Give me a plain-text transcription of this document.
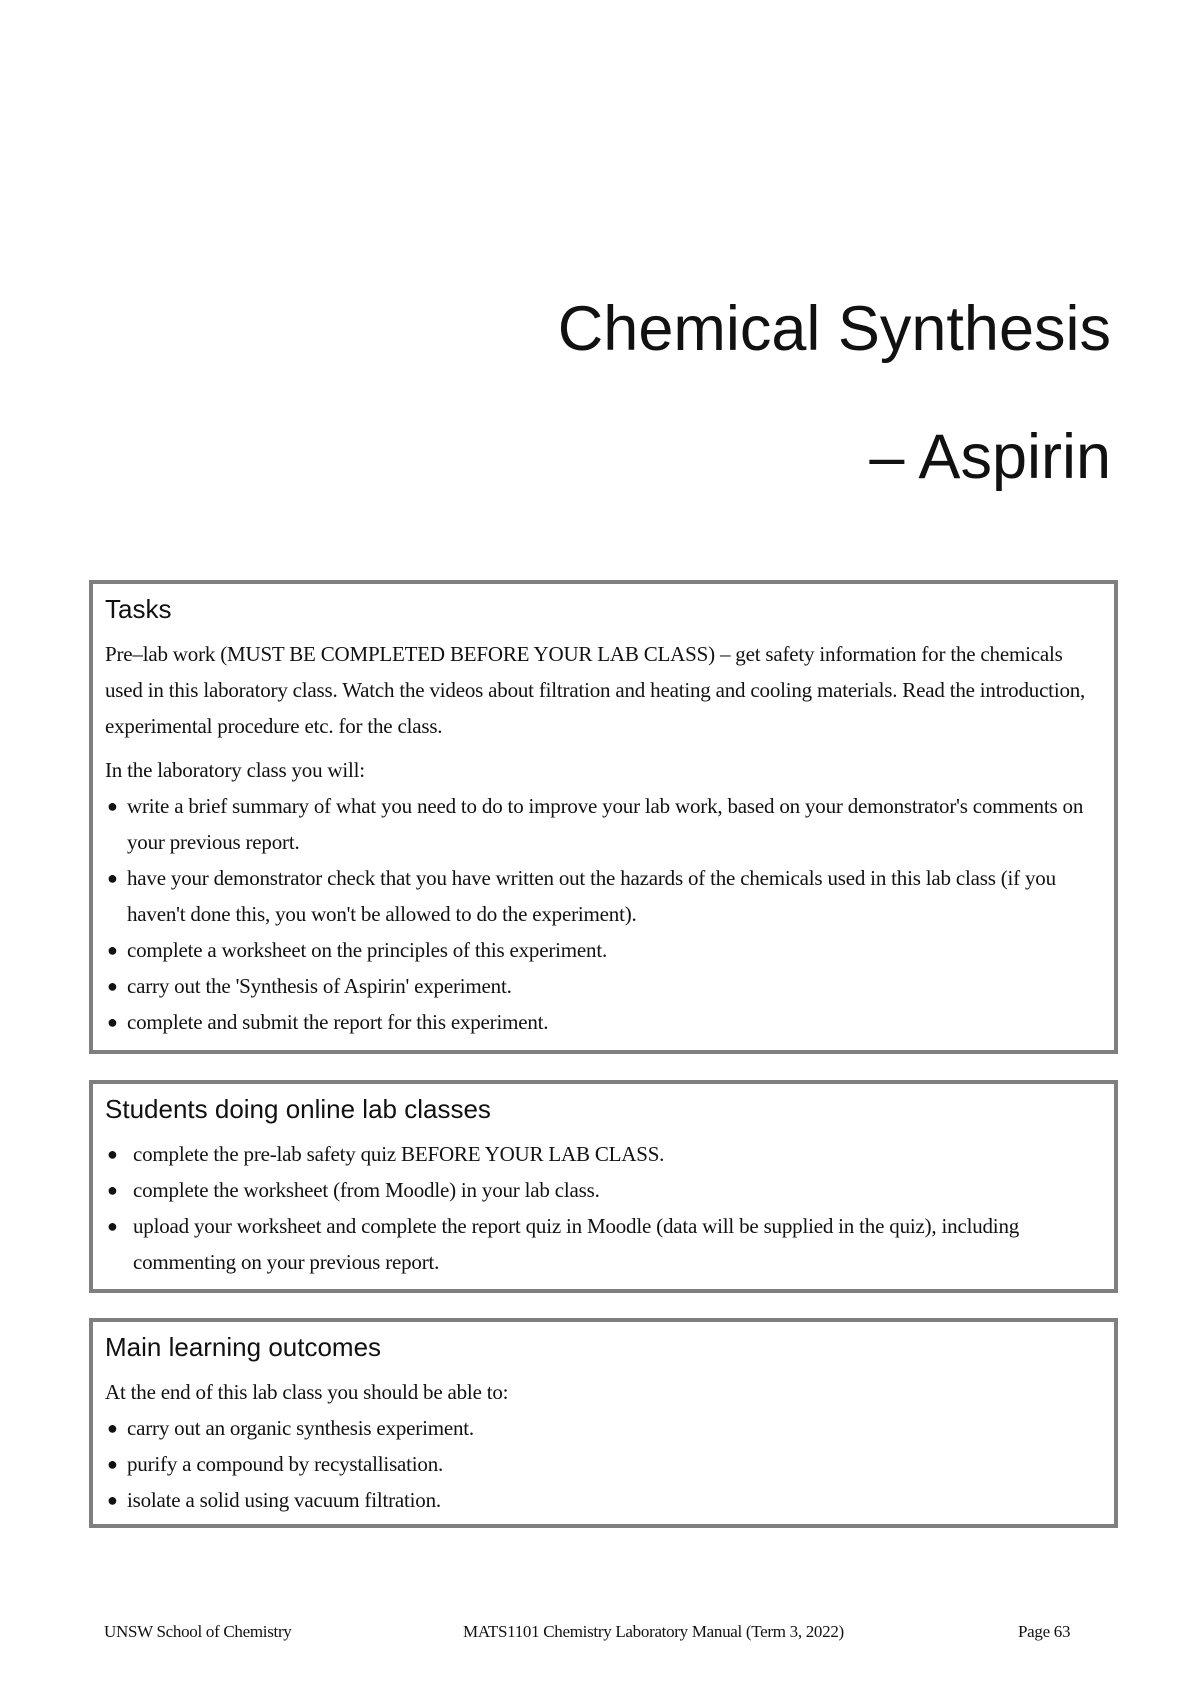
Chemical Synthesis
– Aspirin
Tasks

Pre–lab work (MUST BE COMPLETED BEFORE YOUR LAB CLASS) – get safety information for the chemicals used in this laboratory class. Watch the videos about filtration and heating and cooling materials. Read the introduction, experimental procedure etc. for the class.

In the laboratory class you will:

● write a brief summary of what you need to do to improve your lab work, based on your demonstrator's comments on your previous report.
● have your demonstrator check that you have written out the hazards of the chemicals used in this lab class (if you haven't done this, you won't be allowed to do the experiment).
● complete a worksheet on the principles of this experiment.
● carry out the 'Synthesis of Aspirin' experiment.
● complete and submit the report for this experiment.
Students doing online lab classes
● complete the pre-lab safety quiz BEFORE YOUR LAB CLASS.
● complete the worksheet (from Moodle) in your lab class.
● upload your worksheet and complete the report quiz in Moodle (data will be supplied in the quiz), including commenting on your previous report.
Main learning outcomes

At the end of this lab class you should be able to:

● carry out an organic synthesis experiment.
● purify a compound by recystallisation.
● isolate a solid using vacuum filtration.
UNSW School of Chemistry	MATS1101 Chemistry Laboratory Manual (Term 3, 2022)	Page 63
